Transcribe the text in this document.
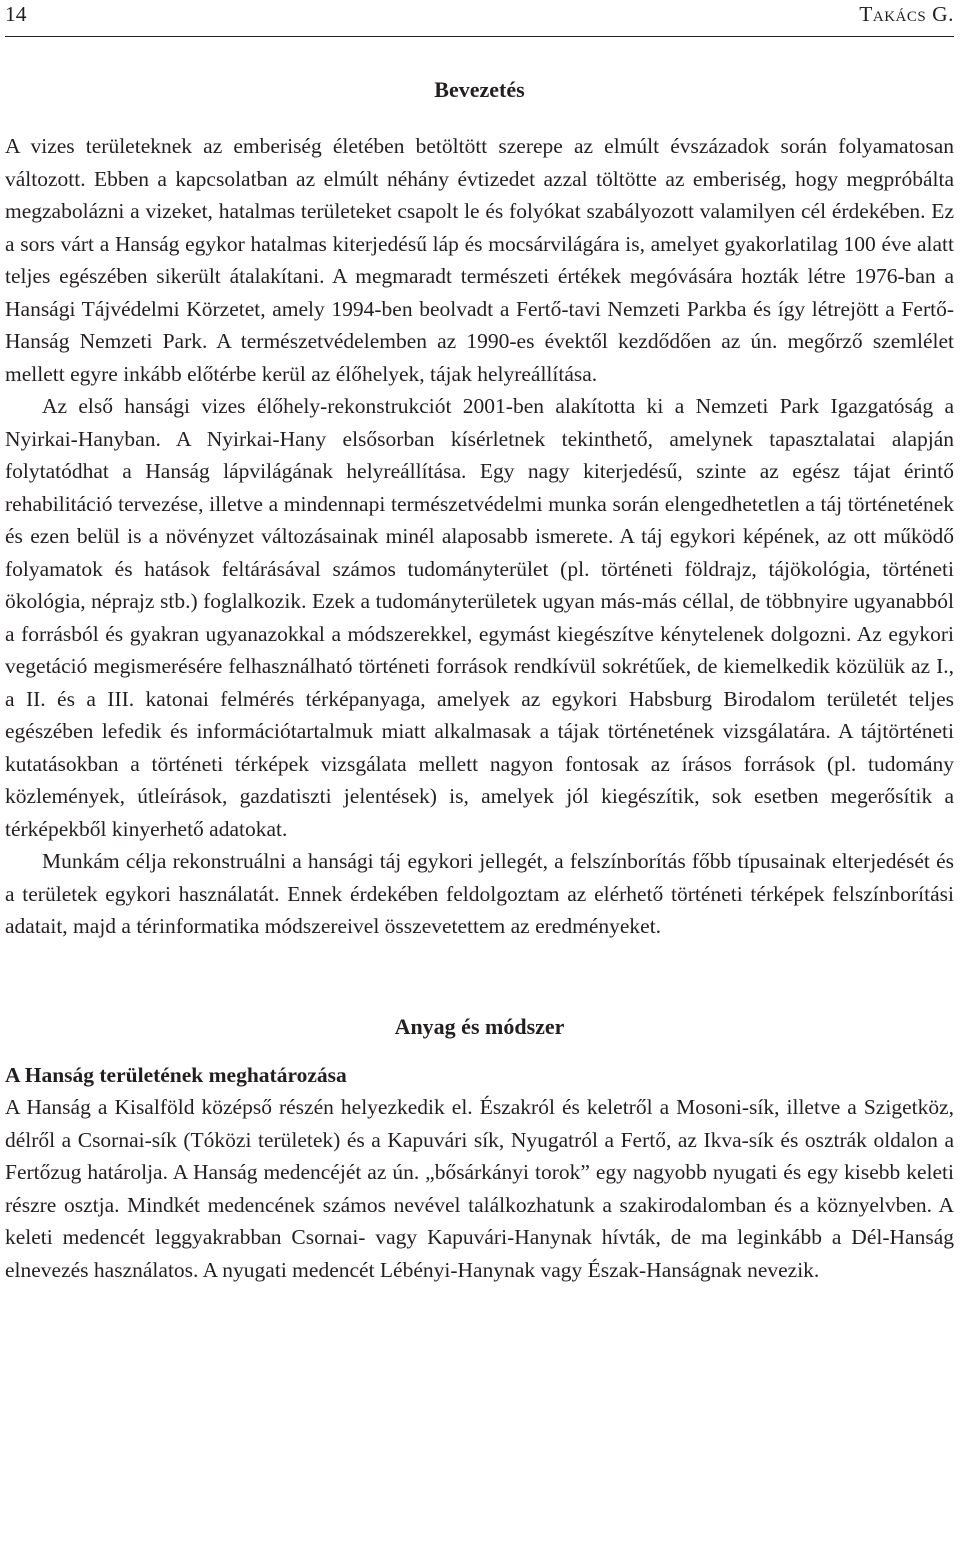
14	Takács G.
Bevezetés

A vizes területeknek az emberiség életében betöltött szerepe az elmúlt évszázadok során folyamatosan változott. Ebben a kapcsolatban az elmúlt néhány évtizedet azzal töltötte az emberiség, hogy megpróbálta megzabolázni a vizeket, hatalmas területeket csapolt le és folyókat szabályozott valamilyen cél érdekében. Ez a sors várt a Hanság egykor hatalmas kiterjedésű láp és mocsárvilágára is, amelyet gyakorlatilag 100 éve alatt teljes egészében sikerült átalakítani. A megmaradt természeti értékek megóvására hozták létre 1976-ban a Hansági Tájvédelmi Körzetet, amely 1994-ben beolvadt a Fertő-tavi Nemzeti Parkba és így létrejött a Fertő-Hanság Nemzeti Park. A természetvédelemben az 1990-es évektől kezdődően az ún. megőrző szemlélet mellett egyre inkább előtérbe kerül az élőhelyek, tájak helyreállítása.

Az első hansági vizes élőhely-rekonstrukciót 2001-ben alakította ki a Nemzeti Park Igazgatóság a Nyirkai-Hanyban. A Nyirkai-Hany elsősorban kísérletnek tekinthető, amelynek tapasztalatai alapján folytatódhat a Hanság lápvilágának helyreállítása. Egy nagy kiterjedésű, szinte az egész tájat érintő rehabilitáció tervezése, illetve a mindennapi természetvédelmi munka során elengedhetetlen a táj történetének és ezen belül is a növényzet változásainak minél alaposabb ismerete. A táj egykori képének, az ott működő folyamatok és hatások feltárásával számos tudományterület (pl. történeti földrajz, tájökológia, történeti ökológia, néprajz stb.) foglalkozik. Ezek a tudományterületek ugyan más-más céllal, de többnyire ugyanabból a forrásból és gyakran ugyanazokkal a módszerekkel, egymást kiegészítve kénytelenek dolgozni. Az egykori vegetáció megismerésére felhasználható történeti források rendkívül sokrétűek, de kiemelkedik közülük az I., a II. és a III. katonai felmérés térképanyaga, amelyek az egykori Habsburg Birodalom területét teljes egészében lefedik és információtartalmuk miatt alkalmasak a tájak történetének vizsgálatára. A tájtörténeti kutatásokban a történeti térképek vizsgálata mellett nagyon fontosak az írásos források (pl. tudomány közlemények, útleírások, gazdatiszti jelentések) is, amelyek jól kiegészítik, sok esetben megerősítik a térképekből kinyerhető adatokat.

Munkám célja rekonstruálni a hansági táj egykori jellegét, a felszínborítás főbb típusainak elterjedését és a területek egykori használatát. Ennek érdekében feldolgoztam az elérhető történeti térképek felszínborítási adatait, majd a térinformatika módszereivel összevetettem az eredményeket.

Anyag és módszer
A Hanság területének meghatározása

A Hanság a Kisalföld középső részén helyezkedik el. Északról és keletről a Mosoni-sík, illetve a Szigetköz, délről a Csornai-sík (Tóközi területek) és a Kapuvári sík, Nyugatról a Fertő, az Ikva-sík és osztrák oldalon a Fertőzug határolja. A Hanság medencéjét az ún. „bősárkányi torok” egy nagyobb nyugati és egy kisebb keleti részre osztja. Mindkét medencének számos nevével találkozhatunk a szakirodalomban és a köznyelvben. A keleti medencét leggyakrabban Csornai- vagy Kapuvári-Hanynak hívták, de ma leginkább a Dél-Hanság elnevezés használatos. A nyugati medencét Lébényi-Hanynak vagy Észak-Hanságnak nevezik.
